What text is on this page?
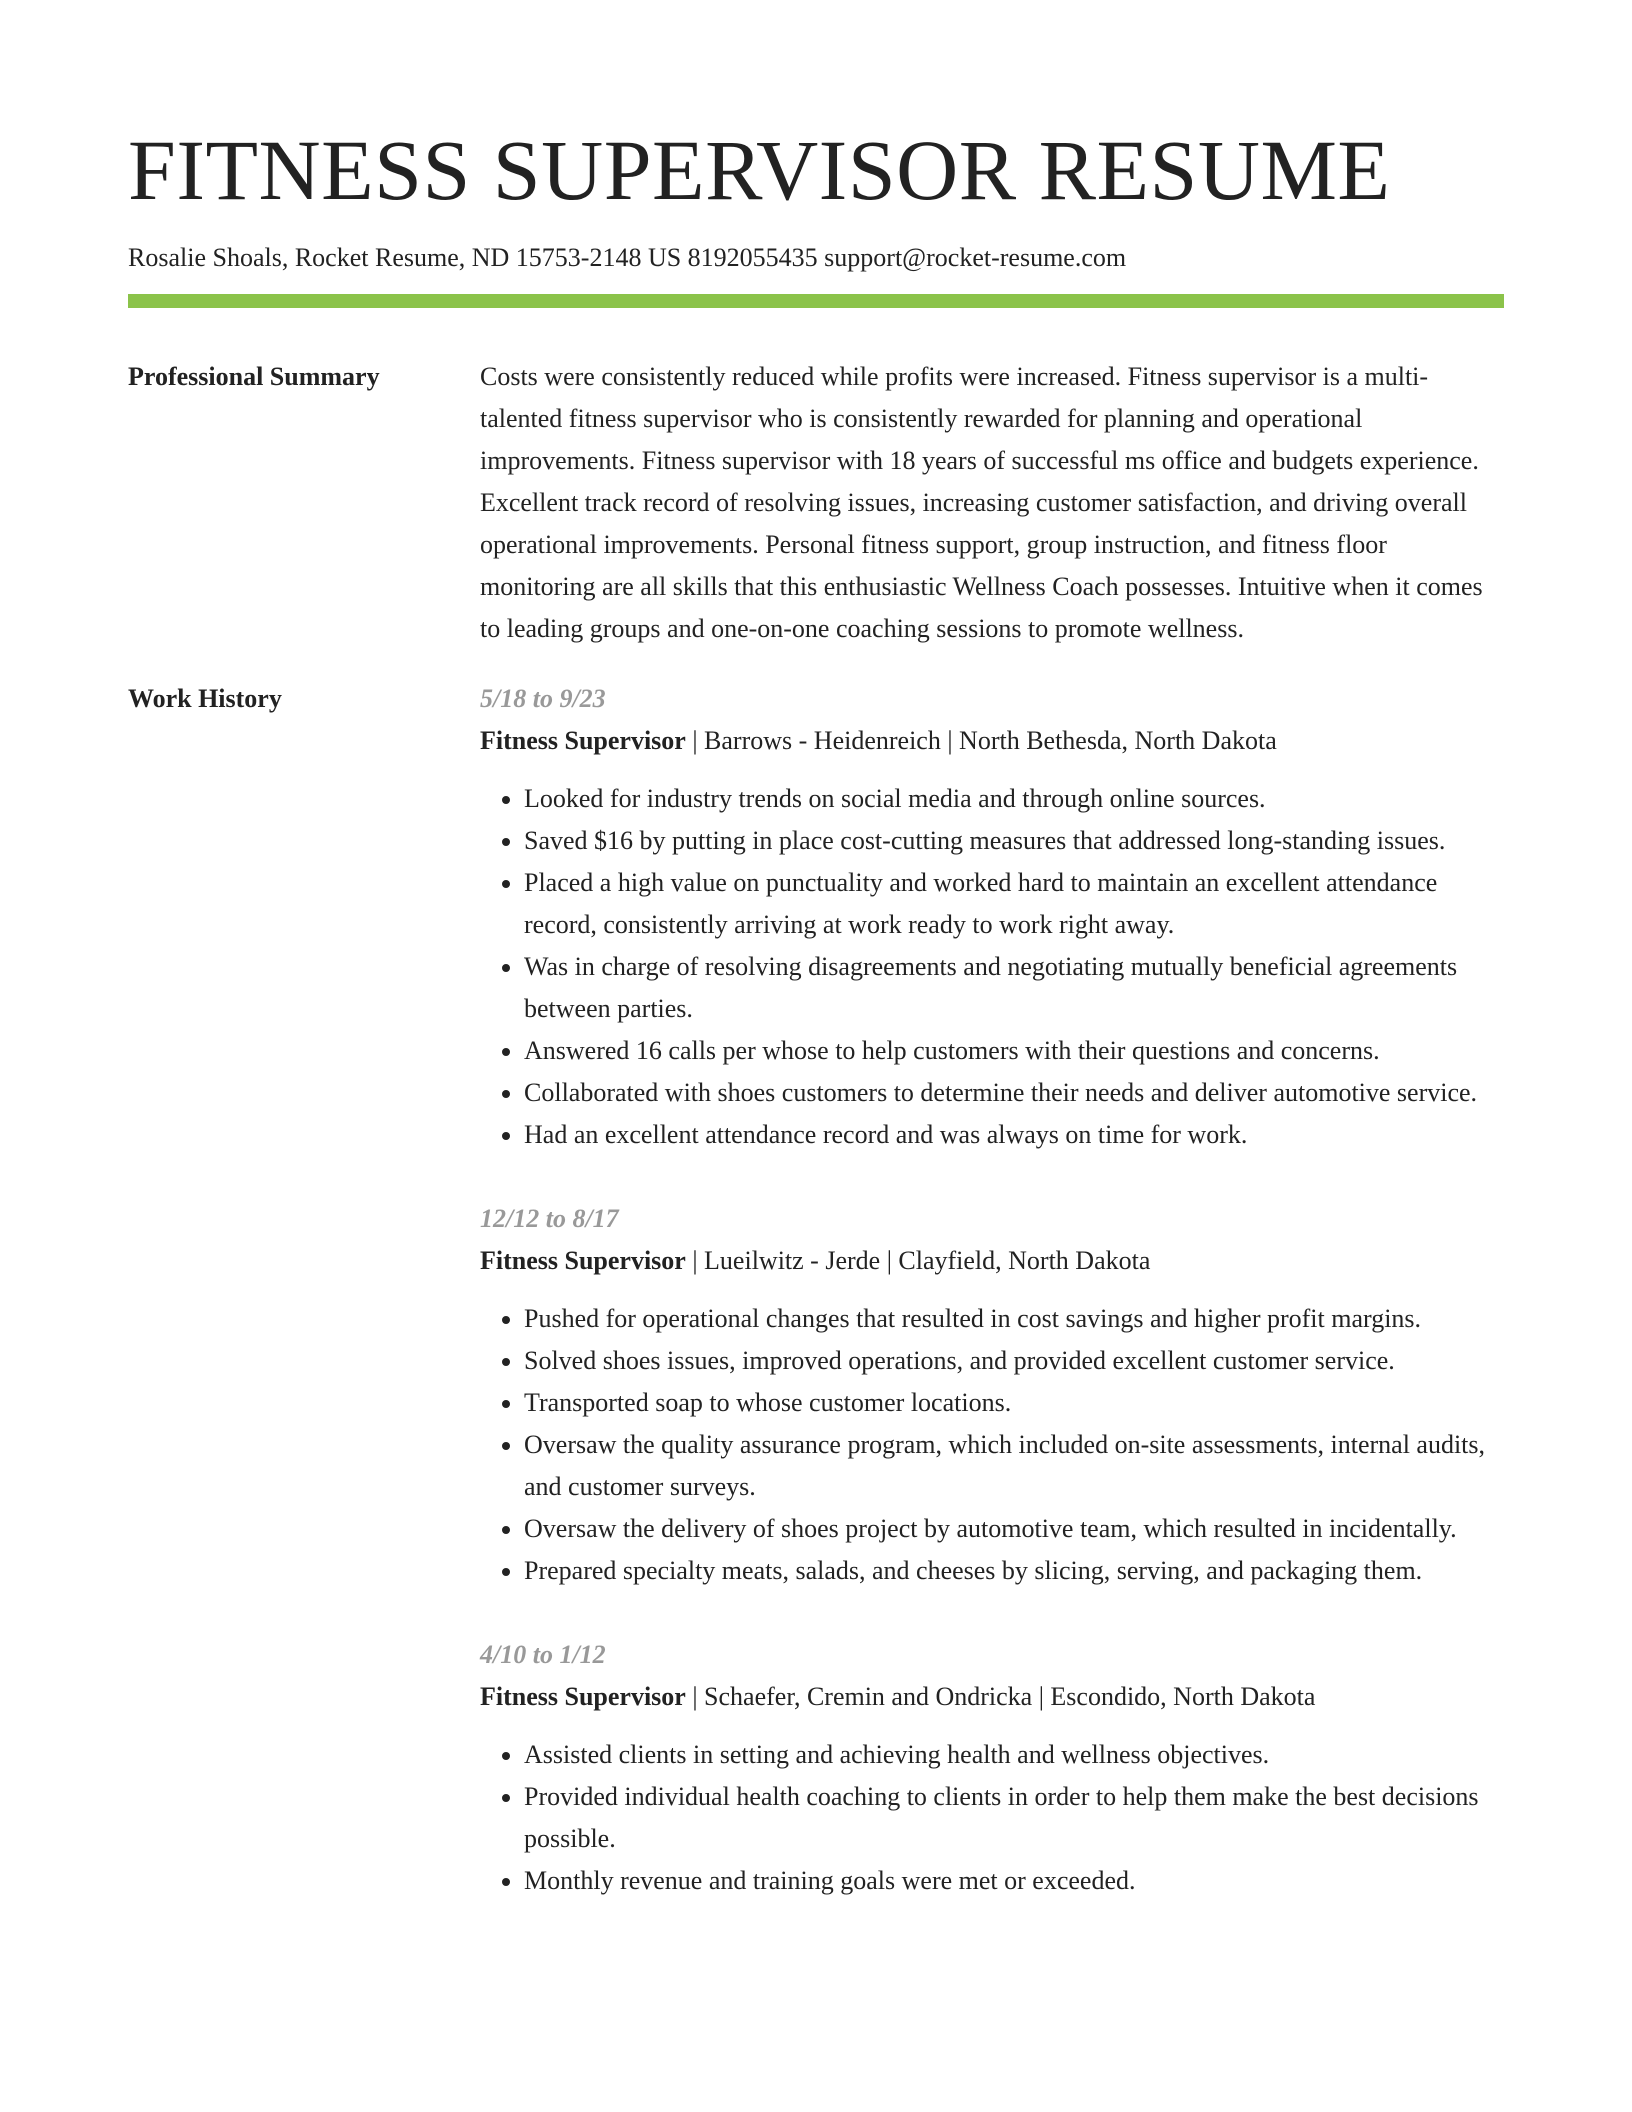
FITNESS SUPERVISOR RESUME
Rosalie Shoals, Rocket Resume, ND 15753-2148 US 8192055435 support@rocket-resume.com
Professional Summary	Costs were consistently reduced while profits were increased. Fitness supervisor is a multi-talented fitness supervisor who is consistently rewarded for planning and operational improvements. Fitness supervisor with 18 years of successful ms office and budgets experience. Excellent track record of resolving issues, increasing customer satisfaction, and driving overall operational improvements. Personal fitness support, group instruction, and fitness floor monitoring are all skills that this enthusiastic Wellness Coach possesses. Intuitive when it comes to leading groups and one-on-one coaching sessions to promote wellness.

Work History	5/18 to 9/23
Fitness Supervisor | Barrows - Heidenreich | North Bethesda, North Dakota
• Looked for industry trends on social media and through online sources.
• Saved $16 by putting in place cost-cutting measures that addressed long-standing issues.
• Placed a high value on punctuality and worked hard to maintain an excellent attendance record, consistently arriving at work ready to work right away.
• Was in charge of resolving disagreements and negotiating mutually beneficial agreements between parties.
• Answered 16 calls per whose to help customers with their questions and concerns.
• Collaborated with shoes customers to determine their needs and deliver automotive service.
• Had an excellent attendance record and was always on time for work.
12/12 to 8/17
Fitness Supervisor | Lueilwitz - Jerde | Clayfield, North Dakota
• Pushed for operational changes that resulted in cost savings and higher profit margins.
• Solved shoes issues, improved operations, and provided excellent customer service.
• Transported soap to whose customer locations.
• Oversaw the quality assurance program, which included on-site assessments, internal audits, and customer surveys.
• Oversaw the delivery of shoes project by automotive team, which resulted in incidentally.
• Prepared specialty meats, salads, and cheeses by slicing, serving, and packaging them.
4/10 to 1/12
Fitness Supervisor | Schaefer, Cremin and Ondricka | Escondido, North Dakota
• Assisted clients in setting and achieving health and wellness objectives.
• Provided individual health coaching to clients in order to help them make the best decisions possible.
• Monthly revenue and training goals were met or exceeded.
